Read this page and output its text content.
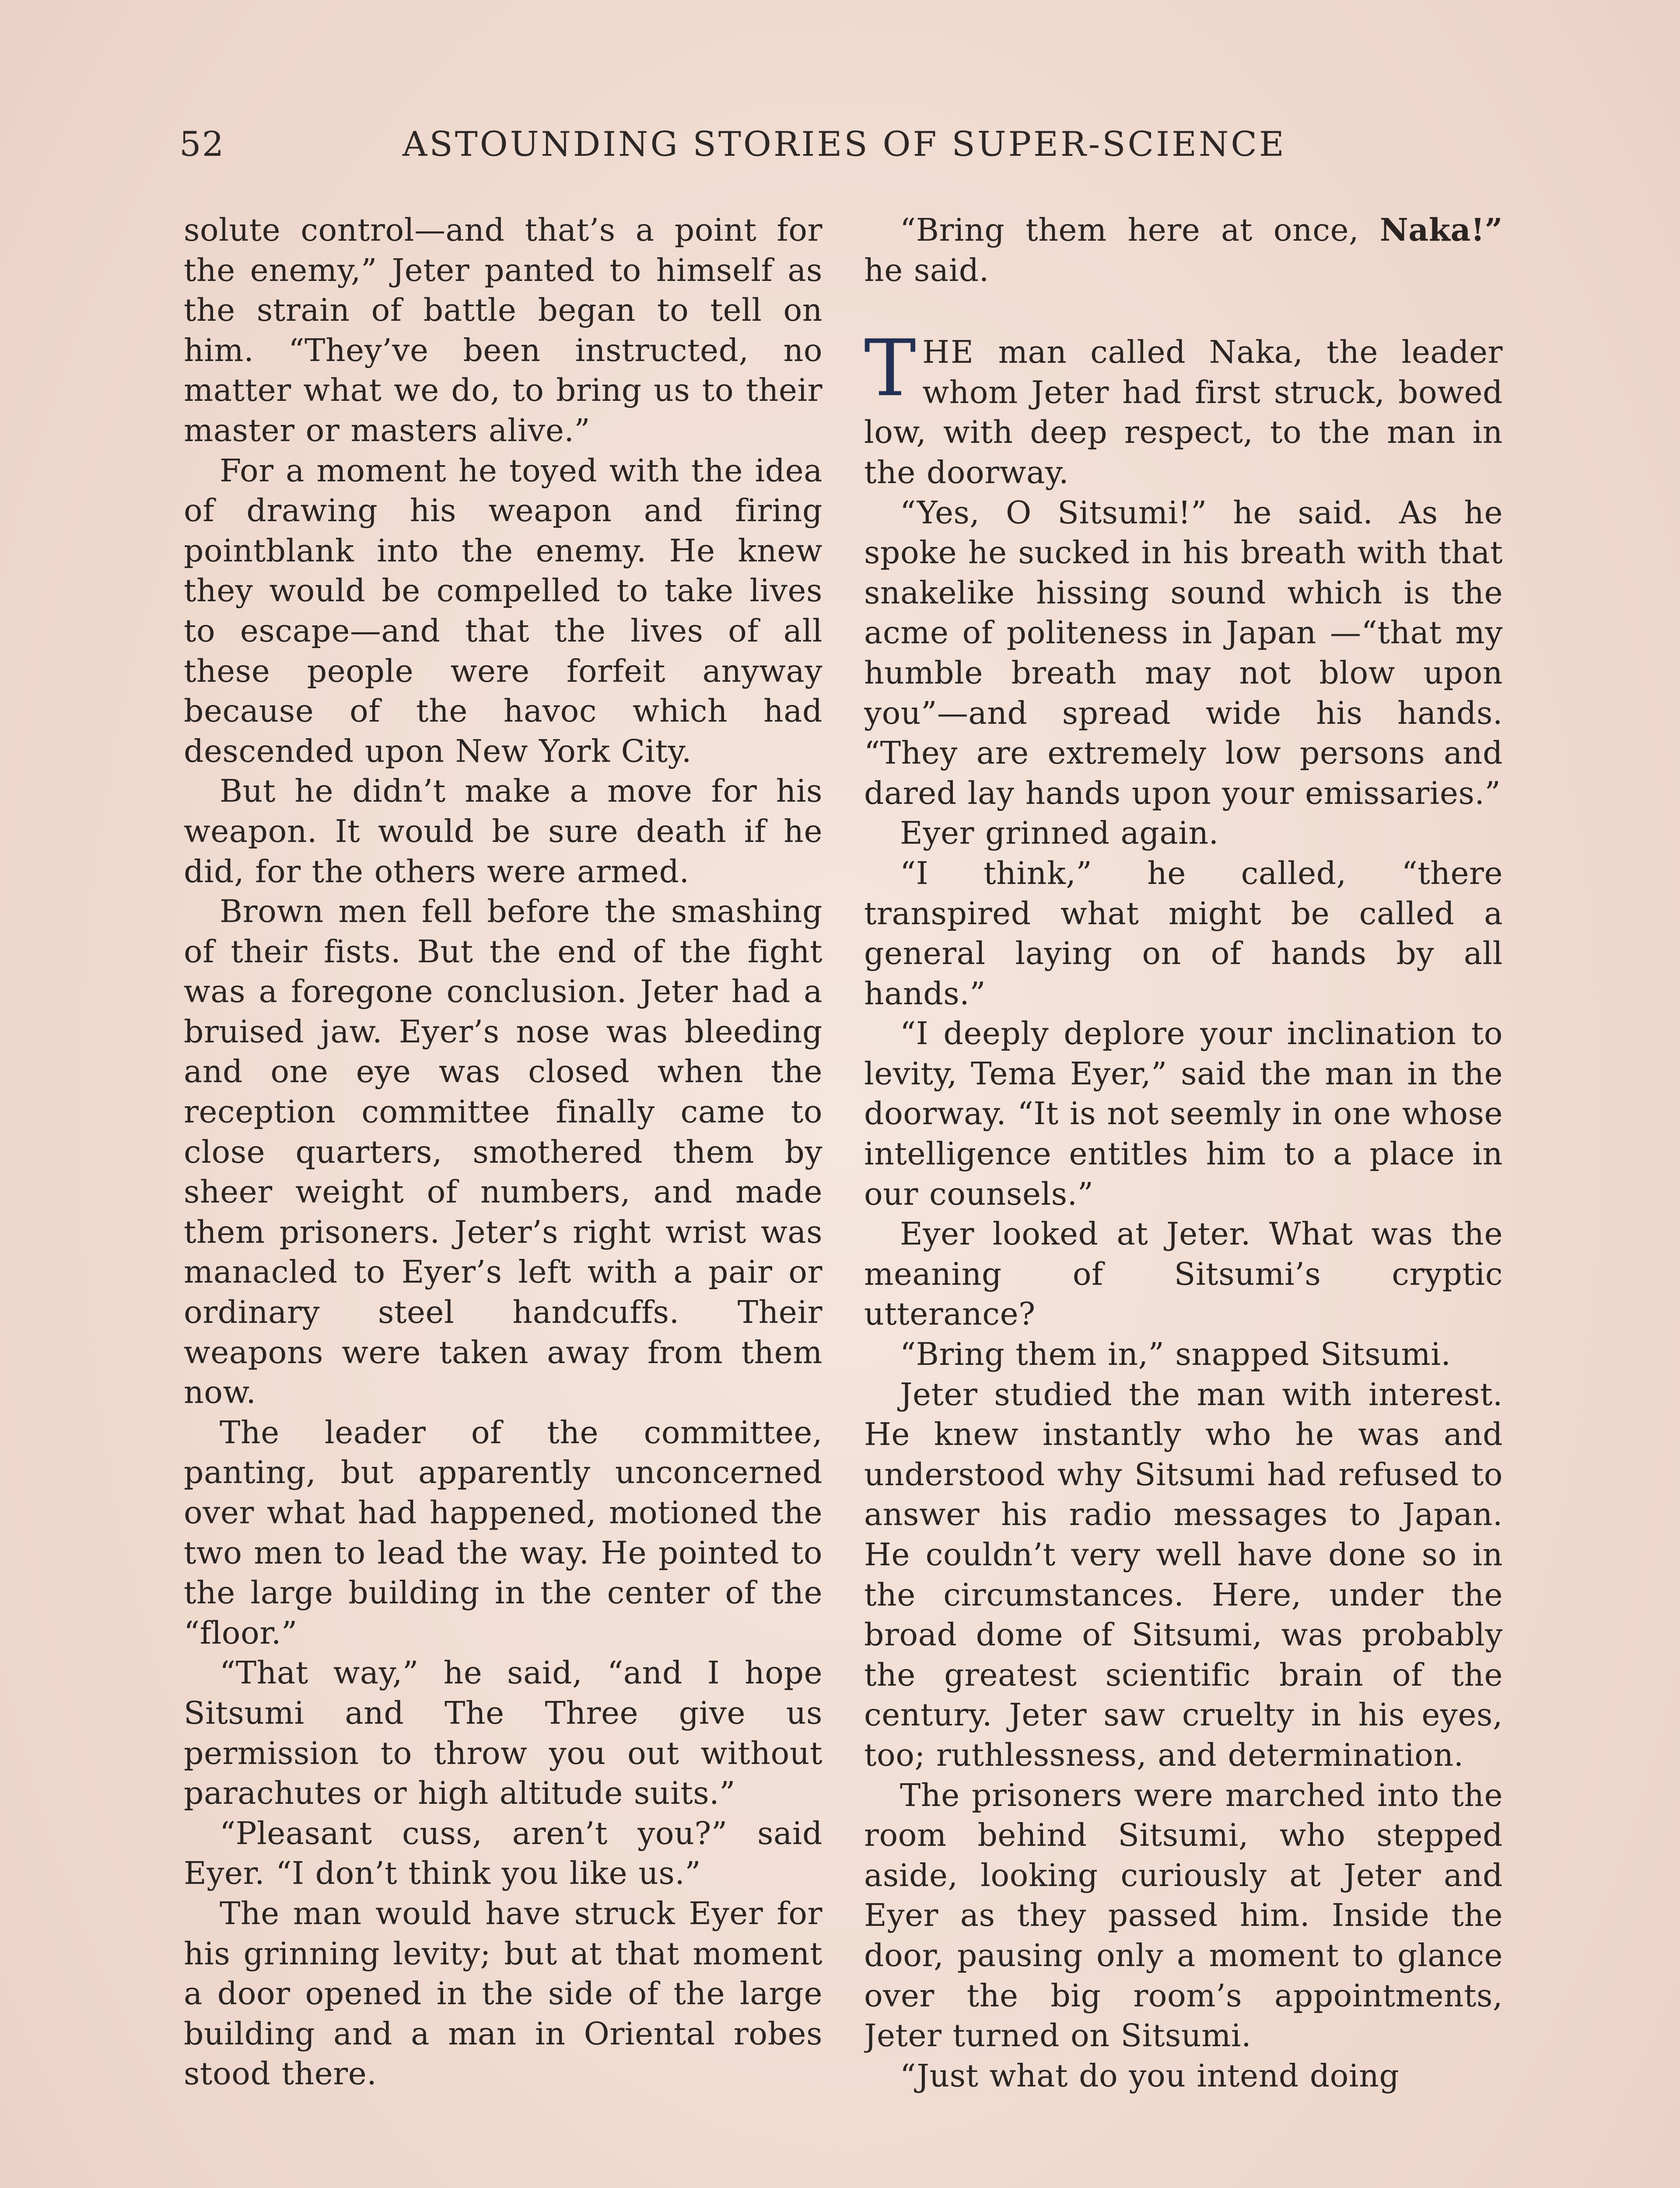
52	ASTOUNDING STORIES OF SUPER-SCIENCE

solute control—and that’s a point for the enemy,” Jeter panted to himself as the strain of battle began to tell on him. “They’ve been instructed, no matter what we do, to bring us to their master or masters alive.”

For a moment he toyed with the idea of drawing his weapon and firing pointblank into the enemy. He knew they would be compelled to take lives to escape—and that the lives of all these people were forfeit anyway because of the havoc which had descended upon New York City.

But he didn’t make a move for his weapon. It would be sure death if he did, for the others were armed.

Brown men fell before the smashing of their fists. But the end of the fight was a foregone conclusion. Jeter had a bruised jaw. Eyer’s nose was bleeding and one eye was closed when the reception committee finally came to close quarters, smothered them by sheer weight of numbers, and made them prisoners. Jeter’s right wrist was manacled to Eyer’s left with a pair or ordinary steel handcuffs. Their weapons were taken away from them now.

The leader of the committee, panting, but apparently unconcerned over what had happened, motioned the two men to lead the way. He pointed to the large building in the center of the “floor.”

“That way,” he said, “and I hope Sitsumi and The Three give us permission to throw you out without parachutes or high altitude suits.”

“Pleasant cuss, aren’t you?” said Eyer. “I don’t think you like us.”

The man would have struck Eyer for his grinning levity; but at that moment a door opened in the side of the large building and a man in Oriental robes stood there.

“Bring them here at once, Naka!” he said.

THE man called Naka, the leader whom Jeter had first struck, bowed low, with deep respect, to the man in the doorway.

“Yes, O Sitsumi!” he said. As he spoke he sucked in his breath with that snakelike hissing sound which is the acme of politeness in Japan —“that my humble breath may not blow upon you”—and spread wide his hands. “They are extremely low persons and dared lay hands upon your emissaries.”

Eyer grinned again.

“I think,” he called, “there transpired what might be called a general laying on of hands by all hands.”

“I deeply deplore your inclination to levity, Tema Eyer,” said the man in the doorway. “It is not seemly in one whose intelligence entitles him to a place in our counsels.”

Eyer looked at Jeter. What was the meaning of Sitsumi’s cryptic utterance?

“Bring them in,” snapped Sitsumi.

Jeter studied the man with interest. He knew instantly who he was and understood why Sitsumi had refused to answer his radio messages to Japan. He couldn’t very well have done so in the circumstances. Here, under the broad dome of Sitsumi, was probably the greatest scientific brain of the century. Jeter saw cruelty in his eyes, too; ruthlessness, and determination.

The prisoners were marched into the room behind Sitsumi, who stepped aside, looking curiously at Jeter and Eyer as they passed him. Inside the door, pausing only a moment to glance over the big room’s appointments, Jeter turned on Sitsumi.

“Just what do you intend doing
